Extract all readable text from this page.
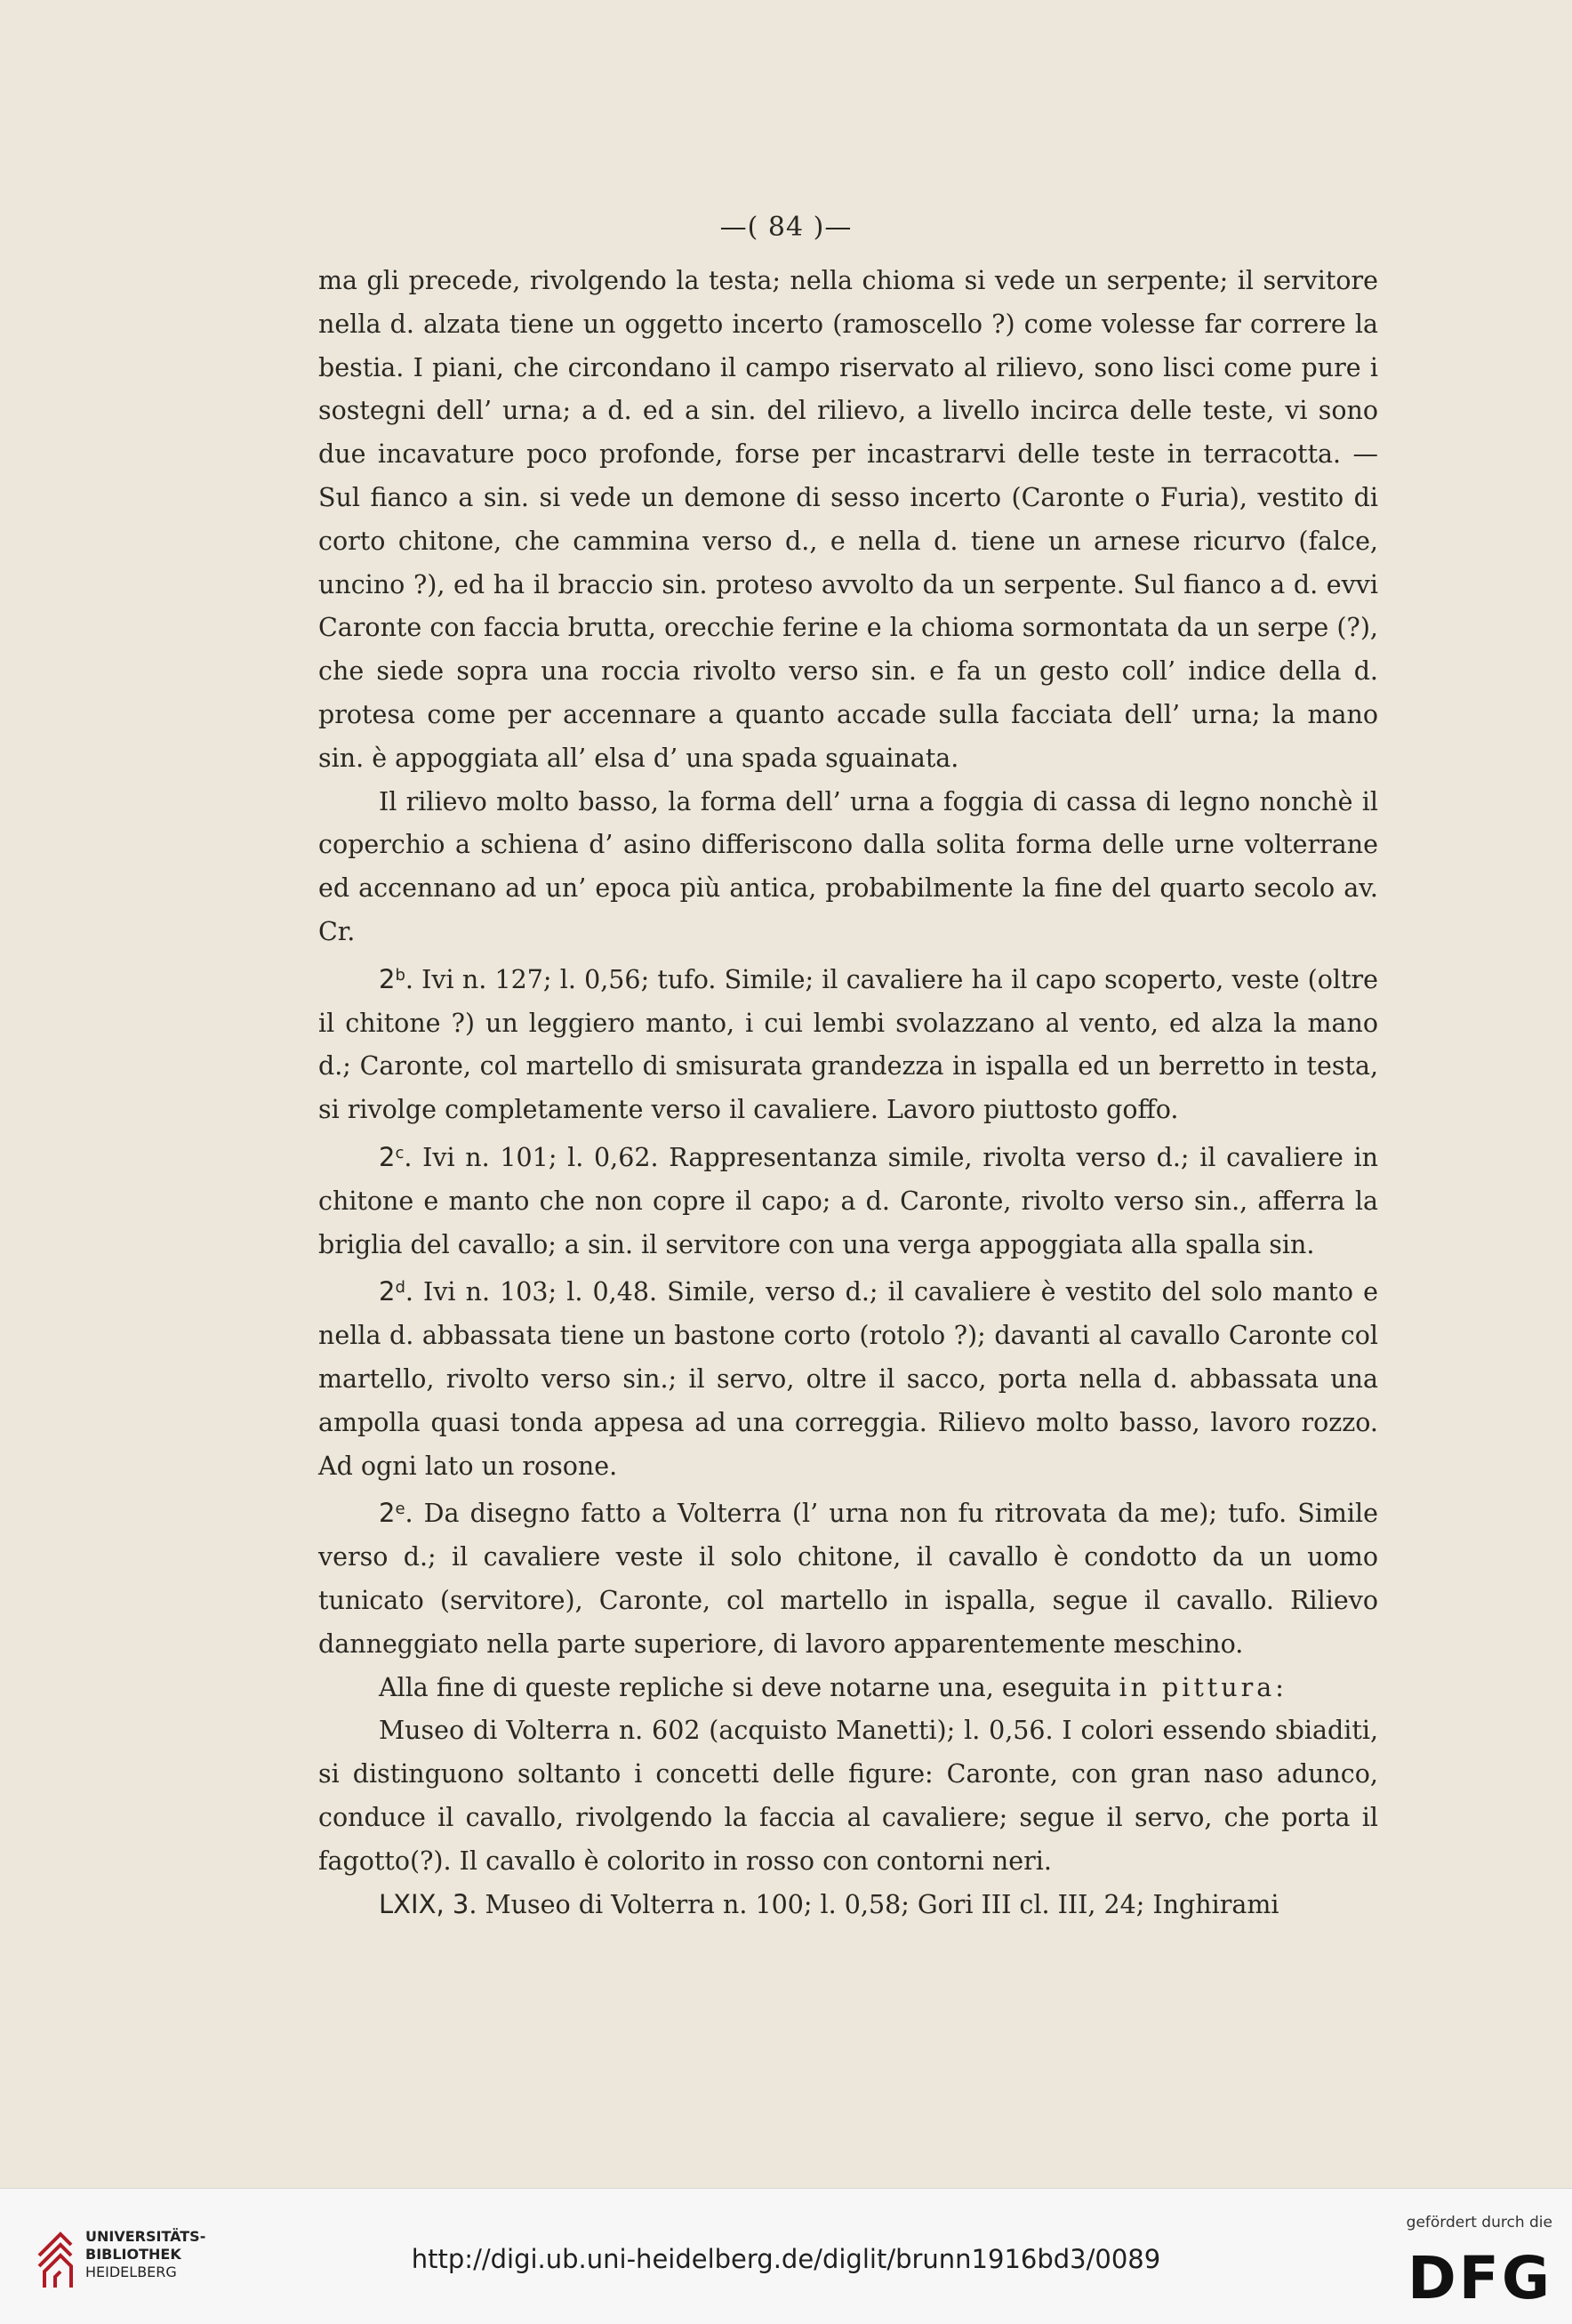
—( 84 )—

ma gli precede, rivolgendo la testa; nella chioma si vede un serpente; il servitore nella d. alzata tiene un oggetto incerto (ramoscello ?) come volesse far correre la bestia. I piani, che circondano il campo riservato al rilievo, sono lisci come pure i sostegni dell’ urna; a d. ed a sin. del rilievo, a livello incirca delle teste, vi sono due incavature poco profonde, forse per incastrarvi delle teste in terracotta. — Sul fianco a sin. si vede un demone di sesso incerto (Caronte o Furia), vestito di corto chitone, che cammina verso d., e nella d. tiene un arnese ricurvo (falce, uncino ?), ed ha il braccio sin. proteso avvolto da un serpente. Sul fianco a d. evvi Caronte con faccia brutta, orecchie ferine e la chioma sormontata da un serpe (?), che siede sopra una roccia rivolto verso sin. e fa un gesto coll’ indice della d. protesa come per accennare a quanto accade sulla facciata dell’ urna; la mano sin. è appoggiata all’ elsa d’ una spada sguainata.

Il rilievo molto basso, la forma dell’ urna a foggia di cassa di legno nonchè il coperchio a schiena d’ asino differiscono dalla solita forma delle urne volterrane ed accennano ad un’ epoca più antica, probabilmente la fine del quarto secolo av. Cr.

2$^b$. Ivi n. 127; l. 0,56; tufo. Simile; il cavaliere ha il capo scoperto, veste (oltre il chitone ?) un leggiero manto, i cui lembi svolazzano al vento, ed alza la mano d.; Caronte, col martello di smisurata grandezza in ispalla ed un berretto in testa, si rivolge completamente verso il cavaliere. Lavoro piuttosto goffo.

2$^c$. Ivi n. 101; l. 0,62. Rappresentanza simile, rivolta verso d.; il cavaliere in chitone e manto che non copre il capo; a d. Caronte, rivolto verso sin., afferra la briglia del cavallo; a sin. il servitore con una verga appoggiata alla spalla sin.

2$^d$. Ivi n. 103; l. 0,48. Simile, verso d.; il cavaliere è vestito del solo manto e nella d. abbassata tiene un bastone corto (rotolo ?); davanti al cavallo Caronte col martello, rivolto verso sin.; il servo, oltre il sacco, porta nella d. abbassata una ampolla quasi tonda appesa ad una correggia. Rilievo molto basso, lavoro rozzo. Ad ogni lato un rosone.

2e. Da disegno fatto a Volterra (l’ urna non fu ritrovata da me); tufo. Simile verso d.; il cavaliere veste il solo chitone, il cavallo è condotto da un uomo tunicato (servitore), Caronte, col martello in ispalla, segue il cavallo. Rilievo danneggiato nella parte superiore, di lavoro apparentemente meschino.

Alla fine di queste repliche si deve notarne una, eseguita in pittura:

Museo di Volterra n. 602 (acquisto Manetti); l. 0,56. I colori essendo sbiaditi, si distinguono soltanto i concetti delle figure: Caronte, con gran naso adunco, conduce il cavallo, rivolgendo la faccia al cavaliere; segue il servo, che porta il fagotto(?). Il cavallo è colorito in rosso con contorni neri.

LXIX, 3. Museo di Volterra n. 100; l. 0,58; Gori III cl. III, 24; Inghirami

UNIVERSITÄTS-
BIBLIOTHEK
HEIDELBERG	http://digi.ub.uni-heidelberg.de/diglit/brunn1916bd3/0089
gefördert durch die
DFG
